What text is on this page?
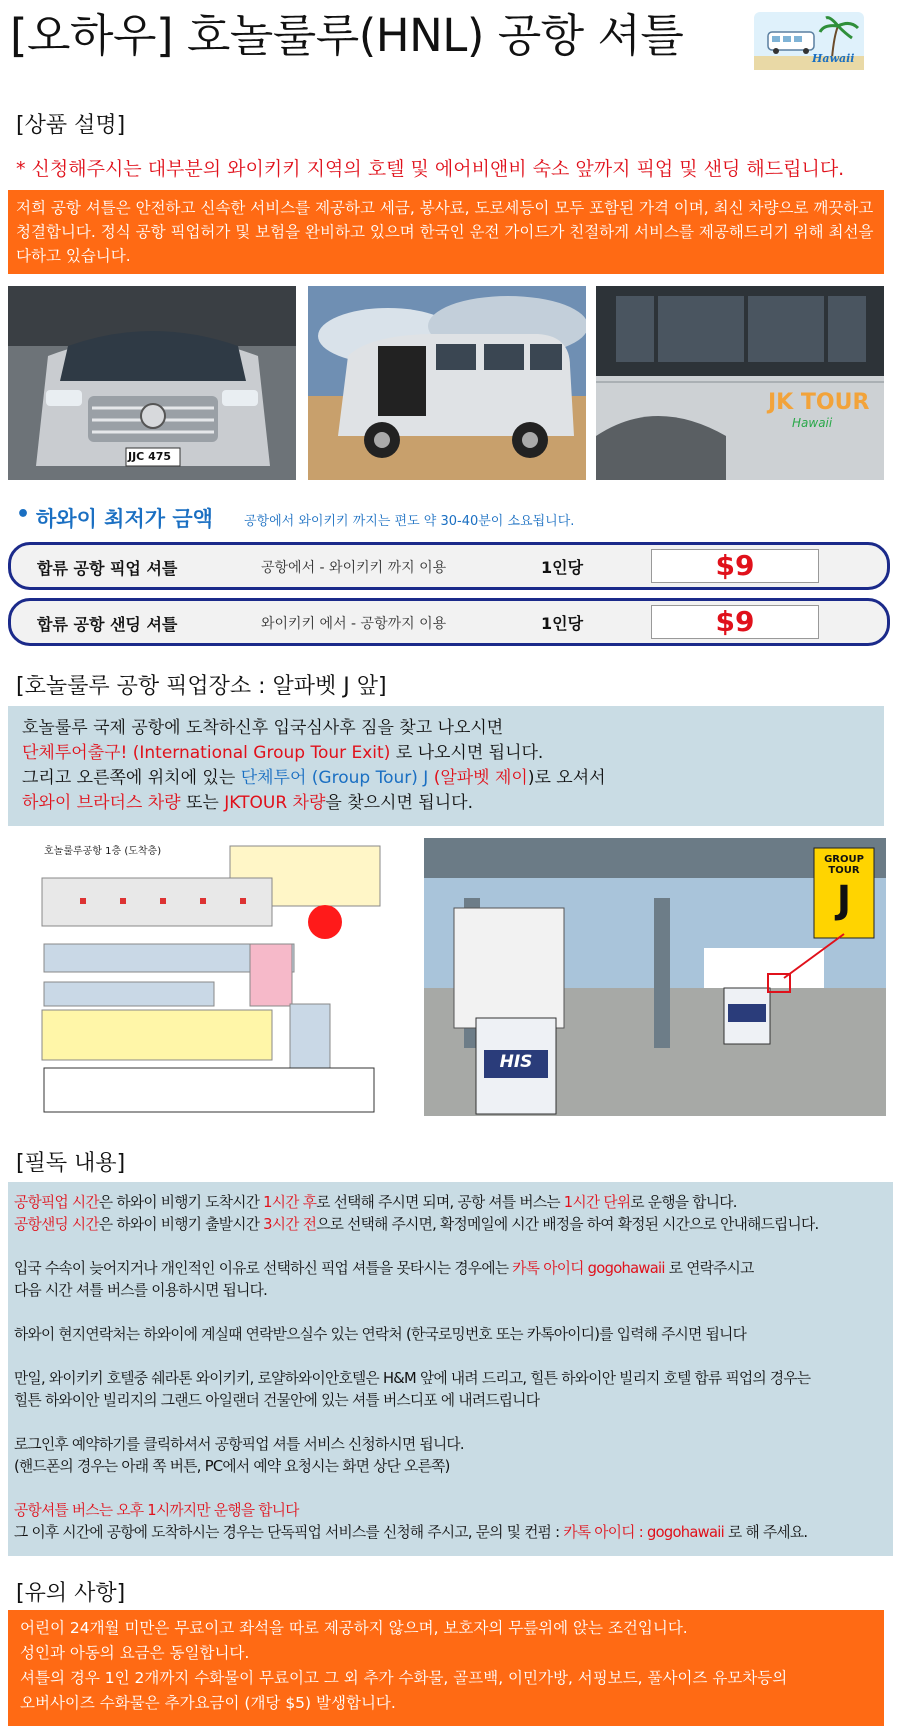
[오하우] 호놀룰루(HNL) 공항 셔틀	Hawaii
[상품 설명]
* 신청해주시는 대부분의 와이키키 지역의 호텔 및 에어비앤비 숙소 앞까지 픽업 및 샌딩 해드립니다.
저희 공항 셔틀은 안전하고 신속한 서비스를 제공하고 세금, 봉사료, 도로세등이 모두 포함된 가격 이며, 최신 차량으로 깨끗하고
청결합니다. 정식 공항 픽업허가 및 보험을 완비하고 있으며 한국인 운전 가이드가 친절하게 서비스를 제공해드리기 위해 최선을
다하고 있습니다.
JJC 475
JK TOUR
Hawaii
• 하와이 최저가 금액 공항에서 와이키키 까지는 편도 약 30-40분이 소요됩니다.
합류 공항 픽업 셔틀	공항에서 - 와이키키 까지 이용	1인당	$9
합류 공항 샌딩 셔틀	와이키키 에서 - 공항까지 이용	1인당	$9
[호놀룰루 공항 픽업장소 : 알파벳 J 앞]
호놀룰루 국제 공항에 도착하신후 입국심사후 짐을 찾고 나오시면
단체투어출구! (International Group Tour Exit) 로 나오시면 됩니다.
그리고 오른쪽에 위치에 있는 단체투어 (Group Tour) J (알파벳 제이)로 오셔서
하와이 브라더스 차량 또는 JKTOUR 차량을 찾으시면 됩니다.
호놀룰루공항 1층 (도착층)
GROUP TOUR
J
HIS
[필독 내용]
공항픽업 시간은 하와이 비행기 도착시간 1시간 후로 선택해 주시면 되며, 공항 셔틀 버스는 1시간 단위로 운행을 합니다.
공항샌딩 시간은 하와이 비행기 출발시간 3시간 전으로 선택해 주시면, 확정메일에 시간 배정을 하여 확정된 시간으로 안내해드립니다.
입국 수속이 늦어지거나 개인적인 이유로 선택하신 픽업 셔틀을 못타시는 경우에는 카톡 아이디 gogohawaii 로 연락주시고
다음 시간 셔틀 버스를 이용하시면 됩니다.
하와이 현지연락처는 하와이에 계실때 연락받으실수 있는 연락처 (한국로밍번호 또는 카톡아이디)를 입력해 주시면 됩니다
만일, 와이키키 호텔중 쉐라톤 와이키키, 로얄하와이안호텔은 H&M 앞에 내려 드리고, 힐튼 하와이안 빌리지 호텔 합류 픽업의 경우는
힐튼 하와이안 빌리지의 그랜드 아일랜더 건물안에 있는 셔틀 버스디포 에 내려드립니다
로그인후 예약하기를 클릭하셔서 공항픽업 셔틀 서비스 신청하시면 됩니다.
(핸드폰의 경우는 아래 쪽 버튼, PC에서 예약 요청시는 화면 상단 오른쪽)
공항셔틀 버스는 오후 1시까지만 운행을 합니다
그 이후 시간에 공항에 도착하시는 경우는 단독픽업 서비스를 신청해 주시고, 문의 및 컨펌 : 카톡 아이디 : gogohawaii 로 해 주세요.
[유의 사항]
어린이 24개월 미만은 무료이고 좌석을 따로 제공하지 않으며, 보호자의 무릎위에 앉는 조건입니다.
성인과 아동의 요금은 동일합니다.
셔틀의 경우 1인 2개까지 수화물이 무료이고 그 외 추가 수화물, 골프백, 이민가방, 서핑보드, 풀사이즈 유모차등의
오버사이즈 수화물은 추가요금이 (개당 $5) 발생합니다.
